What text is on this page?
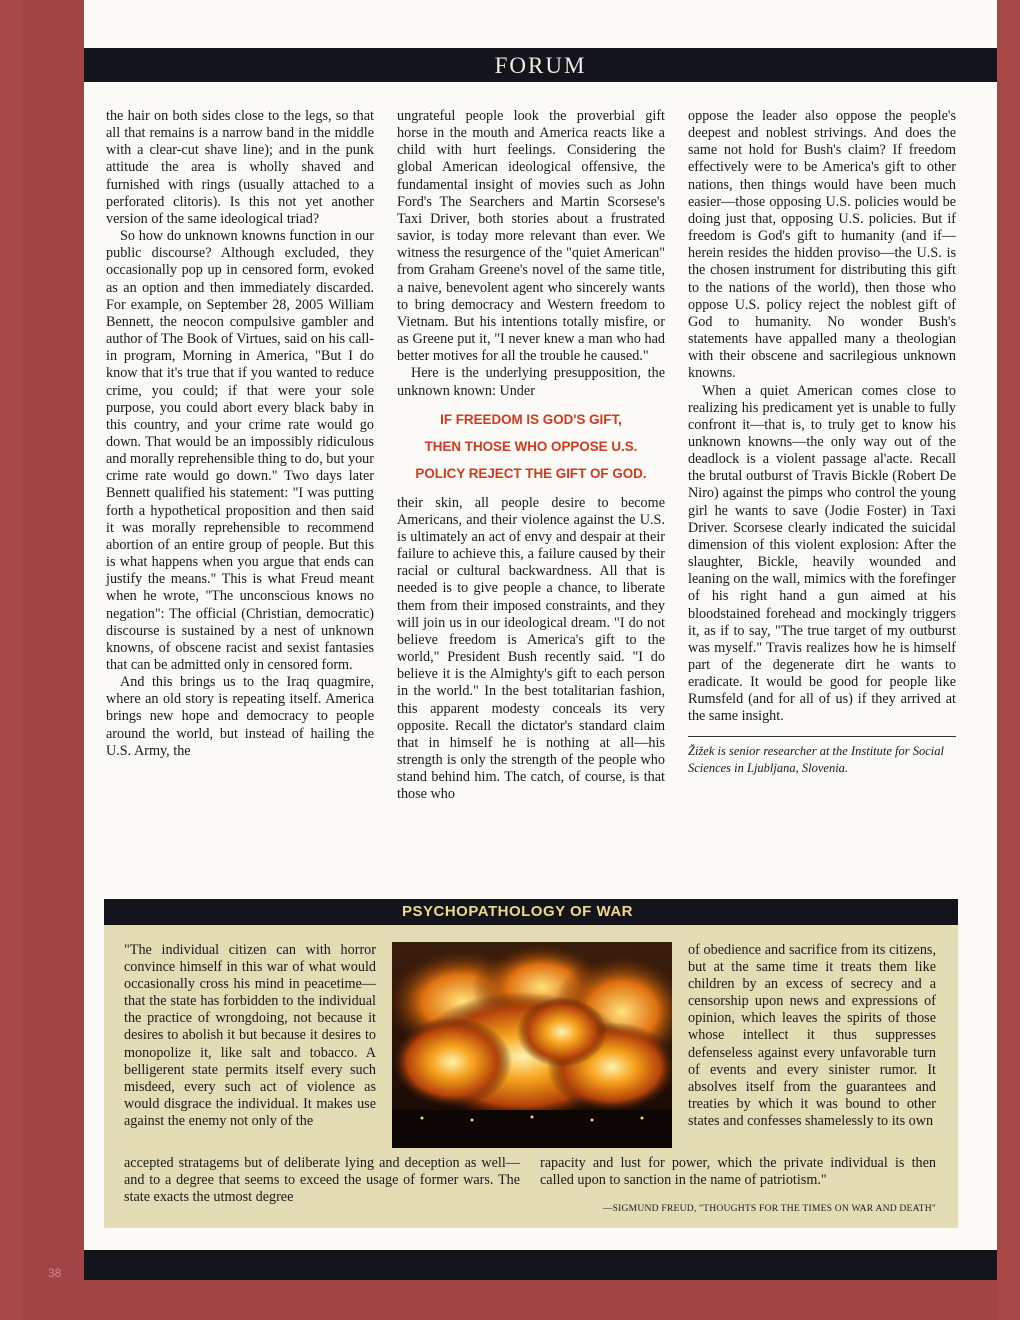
FORUM

the hair on both sides close to the legs, so that all that remains is a narrow band in the middle with a clear-cut shave line); and in the punk attitude the area is wholly shaved and furnished with rings (usually attached to a perforated clitoris). Is this not yet another version of the same ideological triad?

So how do unknown knowns function in our public discourse? Although excluded, they occasionally pop up in censored form, evoked as an option and then immediately discarded. For example, on September 28, 2005 William Bennett, the neocon compulsive gambler and author of The Book of Virtues, said on his call-in program, Morning in America, "But I do know that it's true that if you wanted to reduce crime, you could; if that were your sole purpose, you could abort every black baby in this country, and your crime rate would go down. That would be an impossibly ridiculous and morally reprehensible thing to do, but your crime rate would go down." Two days later Bennett qualified his statement: "I was putting forth a hypothetical proposition and then said it was morally reprehensible to recommend abortion of an entire group of people. But this is what happens when you argue that ends can justify the means." This is what Freud meant when he wrote, "The unconscious knows no negation": The official (Christian, democratic) discourse is sustained by a nest of unknown knowns, of obscene racist and sexist fantasies that can be admitted only in censored form.

And this brings us to the Iraq quagmire, where an old story is repeating itself. America brings new hope and democracy to people around the world, but instead of hailing the U.S. Army, the

ungrateful people look the proverbial gift horse in the mouth and America reacts like a child with hurt feelings. Considering the global American ideological offensive, the fundamental insight of movies such as John Ford's The Searchers and Martin Scorsese's Taxi Driver, both stories about a frustrated savior, is today more relevant than ever. We witness the resurgence of the "quiet American" from Graham Greene's novel of the same title, a naive, benevolent agent who sincerely wants to bring democracy and Western freedom to Vietnam. But his intentions totally misfire, or as Greene put it, "I never knew a man who had better motives for all the trouble he caused."

Here is the underlying presupposition, the unknown known: Under

IF FREEDOM IS GOD'S GIFT,
THEN THOSE WHO OPPOSE U.S.
POLICY REJECT THE GIFT OF GOD.

their skin, all people desire to become Americans, and their violence against the U.S. is ultimately an act of envy and despair at their failure to achieve this, a failure caused by their racial or cultural backwardness. All that is needed is to give people a chance, to liberate them from their imposed constraints, and they will join us in our ideological dream. "I do not believe freedom is America's gift to the world," President Bush recently said. "I do believe it is the Almighty's gift to each person in the world." In the best totalitarian fashion, this apparent modesty conceals its very opposite. Recall the dictator's standard claim that in himself he is nothing at all—his strength is only the strength of the people who stand behind him. The catch, of course, is that those who

oppose the leader also oppose the people's deepest and noblest strivings. And does the same not hold for Bush's claim? If freedom effectively were to be America's gift to other nations, then things would have been much easier—those opposing U.S. policies would be doing just that, opposing U.S. policies. But if freedom is God's gift to humanity (and if—herein resides the hidden proviso—the U.S. is the chosen instrument for distributing this gift to the nations of the world), then those who oppose U.S. policy reject the noblest gift of God to humanity. No wonder Bush's statements have appalled many a theologian with their obscene and sacrilegious unknown knowns.

When a quiet American comes close to realizing his predicament yet is unable to fully confront it—that is, to truly get to know his unknown knowns—the only way out of the deadlock is a violent passage al'acte. Recall the brutal outburst of Travis Bickle (Robert De Niro) against the pimps who control the young girl he wants to save (Jodie Foster) in Taxi Driver. Scorsese clearly indicated the suicidal dimension of this violent explosion: After the slaughter, Bickle, heavily wounded and leaning on the wall, mimics with the forefinger of his right hand a gun aimed at his bloodstained forehead and mockingly triggers it, as if to say, "The true target of my outburst was myself." Travis realizes how he is himself part of the degenerate dirt he wants to eradicate. It would be good for people like Rumsfeld (and for all of us) if they arrived at the same insight.

Žižek is senior researcher at the Institute for Social Sciences in Ljubljana, Slovenia.

PSYCHOPATHOLOGY OF WAR
"The individual citizen can with horror convince himself in this war of what would occasionally cross his mind in peacetime—that the state has forbidden to the individual the practice of wrongdoing, not because it desires to abolish it but because it desires to monopolize it, like salt and tobacco. A belligerent state permits itself every such misdeed, every such act of violence as would disgrace the individual. It makes use against the enemy not only of the
of obedience and sacrifice from its citizens, but at the same time it treats them like children by an excess of secrecy and a censorship upon news and expressions of opinion, which leaves the spirits of those whose intellect it thus suppresses defenseless against every unfavorable turn of events and every sinister rumor. It absolves itself from the guarantees and treaties by which it was bound to other states and confesses shamelessly to its own
accepted stratagems but of deliberate lying and deception as well—and to a degree that seems to exceed the usage of former wars. The state exacts the utmost degree
rapacity and lust for power, which the private individual is then called upon to sanction in the name of patriotism."
—SIGMUND FREUD, "THOUGHTS FOR THE TIMES ON WAR AND DEATH"
38
